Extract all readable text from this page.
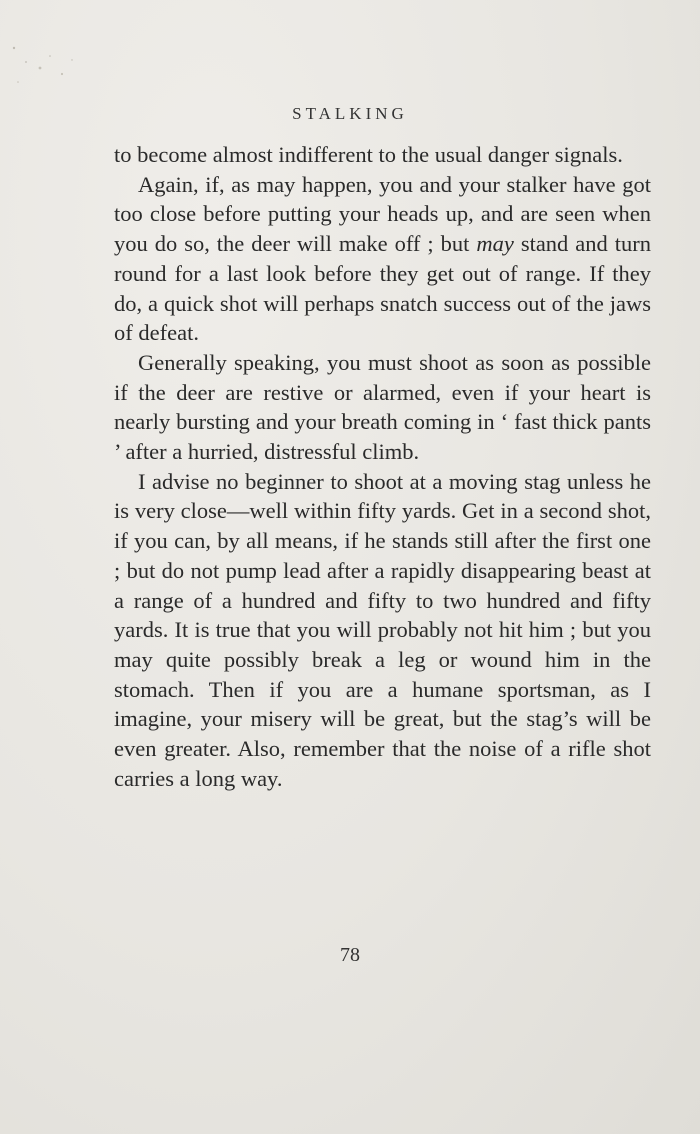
STALKING

to become almost indifferent to the usual danger signals.

Again, if, as may happen, you and your stalker have got too close before putting your heads up, and are seen when you do so, the deer will make off ; but may stand and turn round for a last look before they get out of range. If they do, a quick shot will perhaps snatch success out of the jaws of defeat.

Generally speaking, you must shoot as soon as possible if the deer are restive or alarmed, even if your heart is nearly bursting and your breath coming in ‘ fast thick pants ’ after a hurried, distressful climb.

I advise no beginner to shoot at a moving stag unless he is very close—well within fifty yards. Get in a second shot, if you can, by all means, if he stands still after the first one ; but do not pump lead after a rapidly disappearing beast at a range of a hundred and fifty to two hundred and fifty yards. It is true that you will probably not hit him ; but you may quite possibly break a leg or wound him in the stomach. Then if you are a humane sportsman, as I imagine, your misery will be great, but the stag’s will be even greater. Also, remember that the noise of a rifle shot carries a long way.

78
